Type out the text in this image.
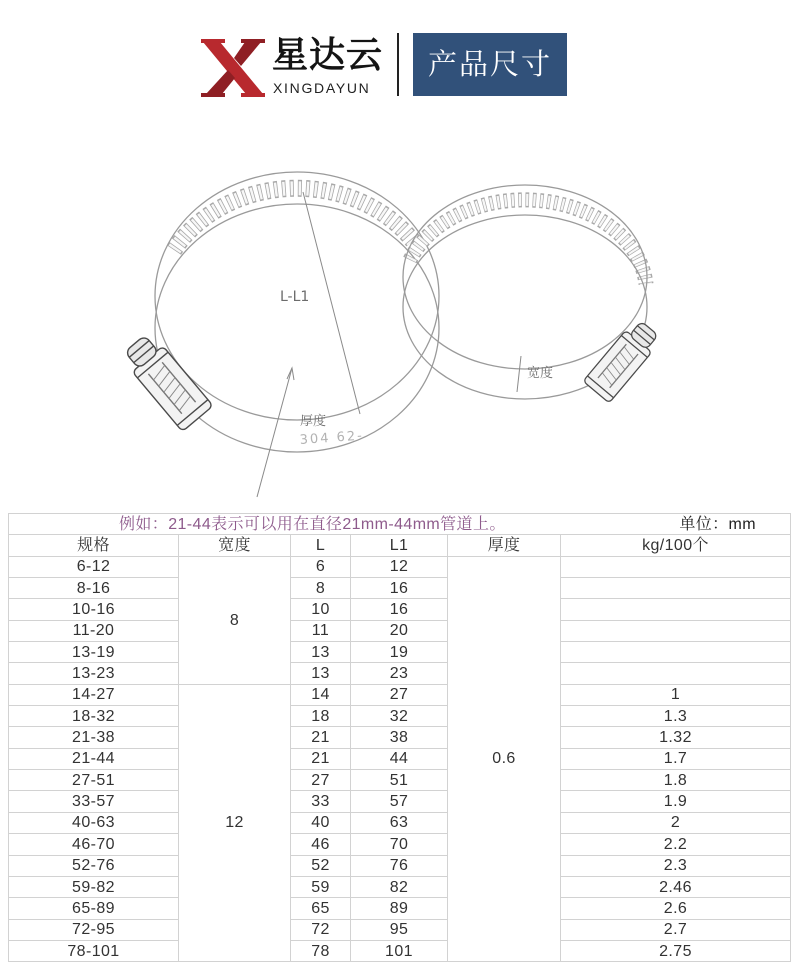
星达云
XINGDAYUN
产品尺寸
L-L1
厚度
宽度
304 62-
例如：21-44表示可以用在直径21mm-44mm管道上。					单位：mm
规格	宽度	L	L1	厚度	kg/100个
6-12	8	6	12	0.6	
8-16		8	16		
10-16		10	16		
11-20		11	20		
13-19		13	19		
13-23		13	23		
14-27	12	14	27		1
18-32		18	32		1.3
21-38		21	38		1.32
21-44		21	44		1.7
27-51		27	51		1.8
33-57		33	57		1.9
40-63		40	63		2
46-70		46	70		2.2
52-76		52	76		2.3
59-82		59	82		2.46
65-89		65	89		2.6
72-95		72	95		2.7
78-101		78	101		2.75
